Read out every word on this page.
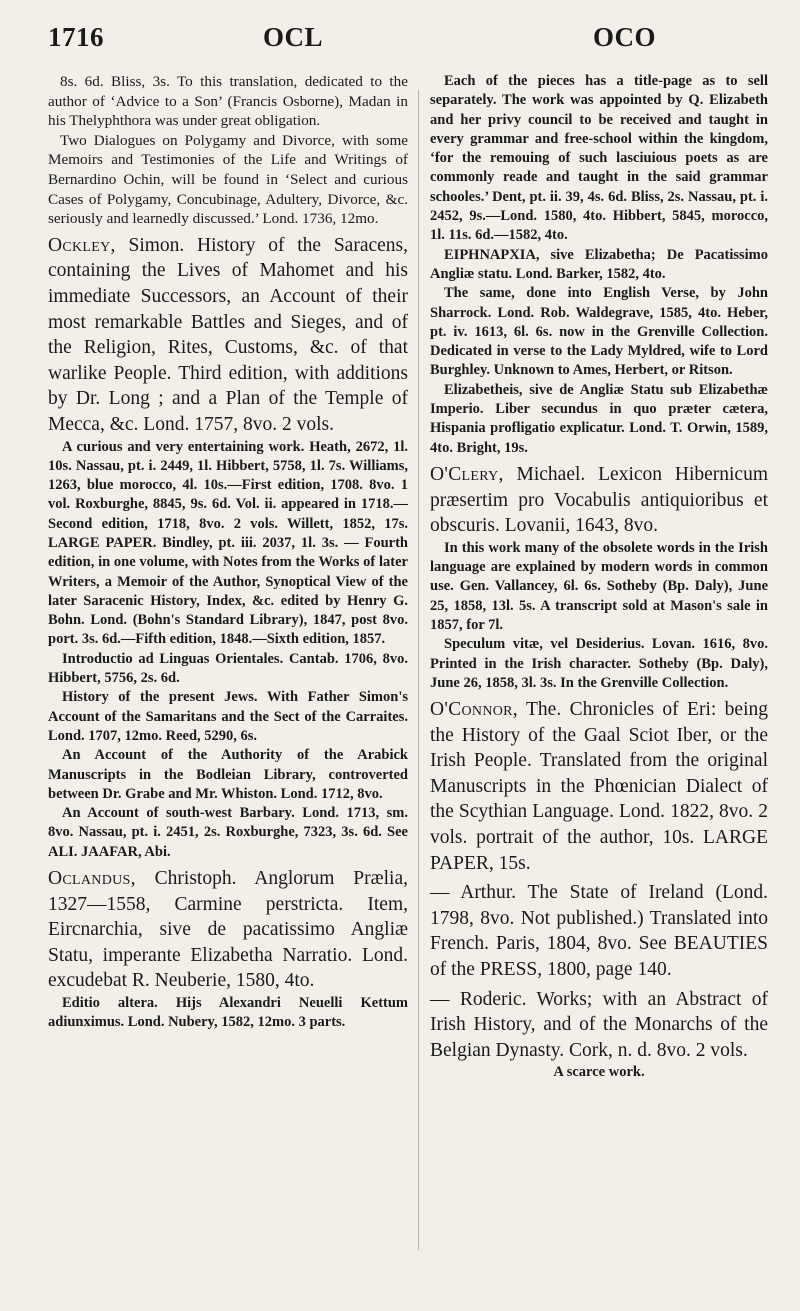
1716	OCL	OCO

8s. 6d. Bliss, 3s. To this translation, dedicated to the author of ‘Advice to a Son’ (Francis Osborne), Madan in his Thelyphthora was under great obligation.

Two Dialogues on Polygamy and Divorce, with some Memoirs and Testimonies of the Life and Writings of Bernardino Ochin, will be found in ‘Select and curious Cases of Polygamy, Concubinage, Adultery, Divorce, &c. seriously and learnedly discussed.’ Lond. 1736, 12mo.

Ockley, Simon. History of the Saracens, containing the Lives of Mahomet and his immediate Successors, an Account of their most remarkable Battles and Sieges, and of the Religion, Rites, Customs, &c. of that warlike People. Third edition, with additions by Dr. Long ; and a Plan of the Temple of Mecca, &c. Lond. 1757, 8vo. 2 vols.

A curious and very entertaining work. Heath, 2672, 1l. 10s. Nassau, pt. i. 2449, 1l. Hibbert, 5758, 1l. 7s. Williams, 1263, blue morocco, 4l. 10s.—First edition, 1708. 8vo. 1 vol. Roxburghe, 8845, 9s. 6d. Vol. ii. appeared in 1718.—Second edition, 1718, 8vo. 2 vols. Willett, 1852, 17s. LARGE PAPER. Bindley, pt. iii. 2037, 1l. 3s. — Fourth edition, in one volume, with Notes from the Works of later Writers, a Memoir of the Author, Synoptical View of the later Saracenic History, Index, &c. edited by Henry G. Bohn. Lond. (Bohn's Standard Library), 1847, post 8vo. port. 3s. 6d.—Fifth edition, 1848.—Sixth edition, 1857.

Introductio ad Linguas Orientales. Cantab. 1706, 8vo. Hibbert, 5756, 2s. 6d.

History of the present Jews. With Father Simon's Account of the Samaritans and the Sect of the Carraites. Lond. 1707, 12mo. Reed, 5290, 6s.

An Account of the Authority of the Arabick Manuscripts in the Bodleian Library, controverted between Dr. Grabe and Mr. Whiston. Lond. 1712, 8vo.

An Account of south-west Barbary. Lond. 1713, sm. 8vo. Nassau, pt. i. 2451, 2s. Roxburghe, 7323, 3s. 6d. See ALI. JAAFAR, Abi.

Oclandus, Christoph. Anglorum Prælia, 1327—1558, Carmine perstricta. Item, Eircnarchia, sive de pacatissimo Angliæ Statu, imperante Elizabetha Narratio. Lond. excudebat R. Neuberie, 1580, 4to.

Editio altera. Hijs Alexandri Neuelli Kettum adiunximus. Lond. Nubery, 1582, 12mo. 3 parts.

Each of the pieces has a title-page as to sell separately. The work was appointed by Q. Elizabeth and her privy council to be received and taught in every grammar and free-school within the kingdom, ‘for the remouing of such lasciuious poets as are commonly reade and taught in the said grammar schooles.’ Dent, pt. ii. 39, 4s. 6d. Bliss, 2s. Nassau, pt. i. 2452, 9s.—Lond. 1580, 4to. Hibbert, 5845, morocco, 1l. 11s. 6d.—1582, 4to.

ΕΙΡΗΝΑΡΧΙΑ, sive Elizabetha; De Pacatissimo Angliæ statu. Lond. Barker, 1582, 4to.

The same, done into English Verse, by John Sharrock. Lond. Rob. Waldegrave, 1585, 4to. Heber, pt. iv. 1613, 6l. 6s. now in the Grenville Collection. Dedicated in verse to the Lady Myldred, wife to Lord Burghley. Unknown to Ames, Herbert, or Ritson.

Elizabetheis, sive de Angliæ Statu sub Elizabethæ Imperio. Liber secundus in quo præter cætera, Hispania profligatio explicatur. Lond. T. Orwin, 1589, 4to. Bright, 19s.

O'Clery, Michael. Lexicon Hibernicum præsertim pro Vocabulis antiquioribus et obscuris. Lovanii, 1643, 8vo.

In this work many of the obsolete words in the Irish language are explained by modern words in common use. Gen. Vallancey, 6l. 6s. Sotheby (Bp. Daly), June 25, 1858, 13l. 5s. A transcript sold at Mason's sale in 1857, for 7l.

Speculum vitæ, vel Desiderius. Lovan. 1616, 8vo. Printed in the Irish character. Sotheby (Bp. Daly), June 26, 1858, 3l. 3s. In the Grenville Collection.

O'Connor, The. Chronicles of Eri: being the History of the Gaal Sciot Iber, or the Irish People. Translated from the original Manuscripts in the Phœnician Dialect of the Scythian Language. Lond. 1822, 8vo. 2 vols. portrait of the author, 10s. LARGE PAPER, 15s.

— Arthur. The State of Ireland (Lond. 1798, 8vo. Not published.) Translated into French. Paris, 1804, 8vo. See BEAUTIES of the PRESS, 1800, page 140.

— Roderic. Works; with an Abstract of Irish History, and of the Monarchs of the Belgian Dynasty. Cork, n. d. 8vo. 2 vols.

A scarce work.
